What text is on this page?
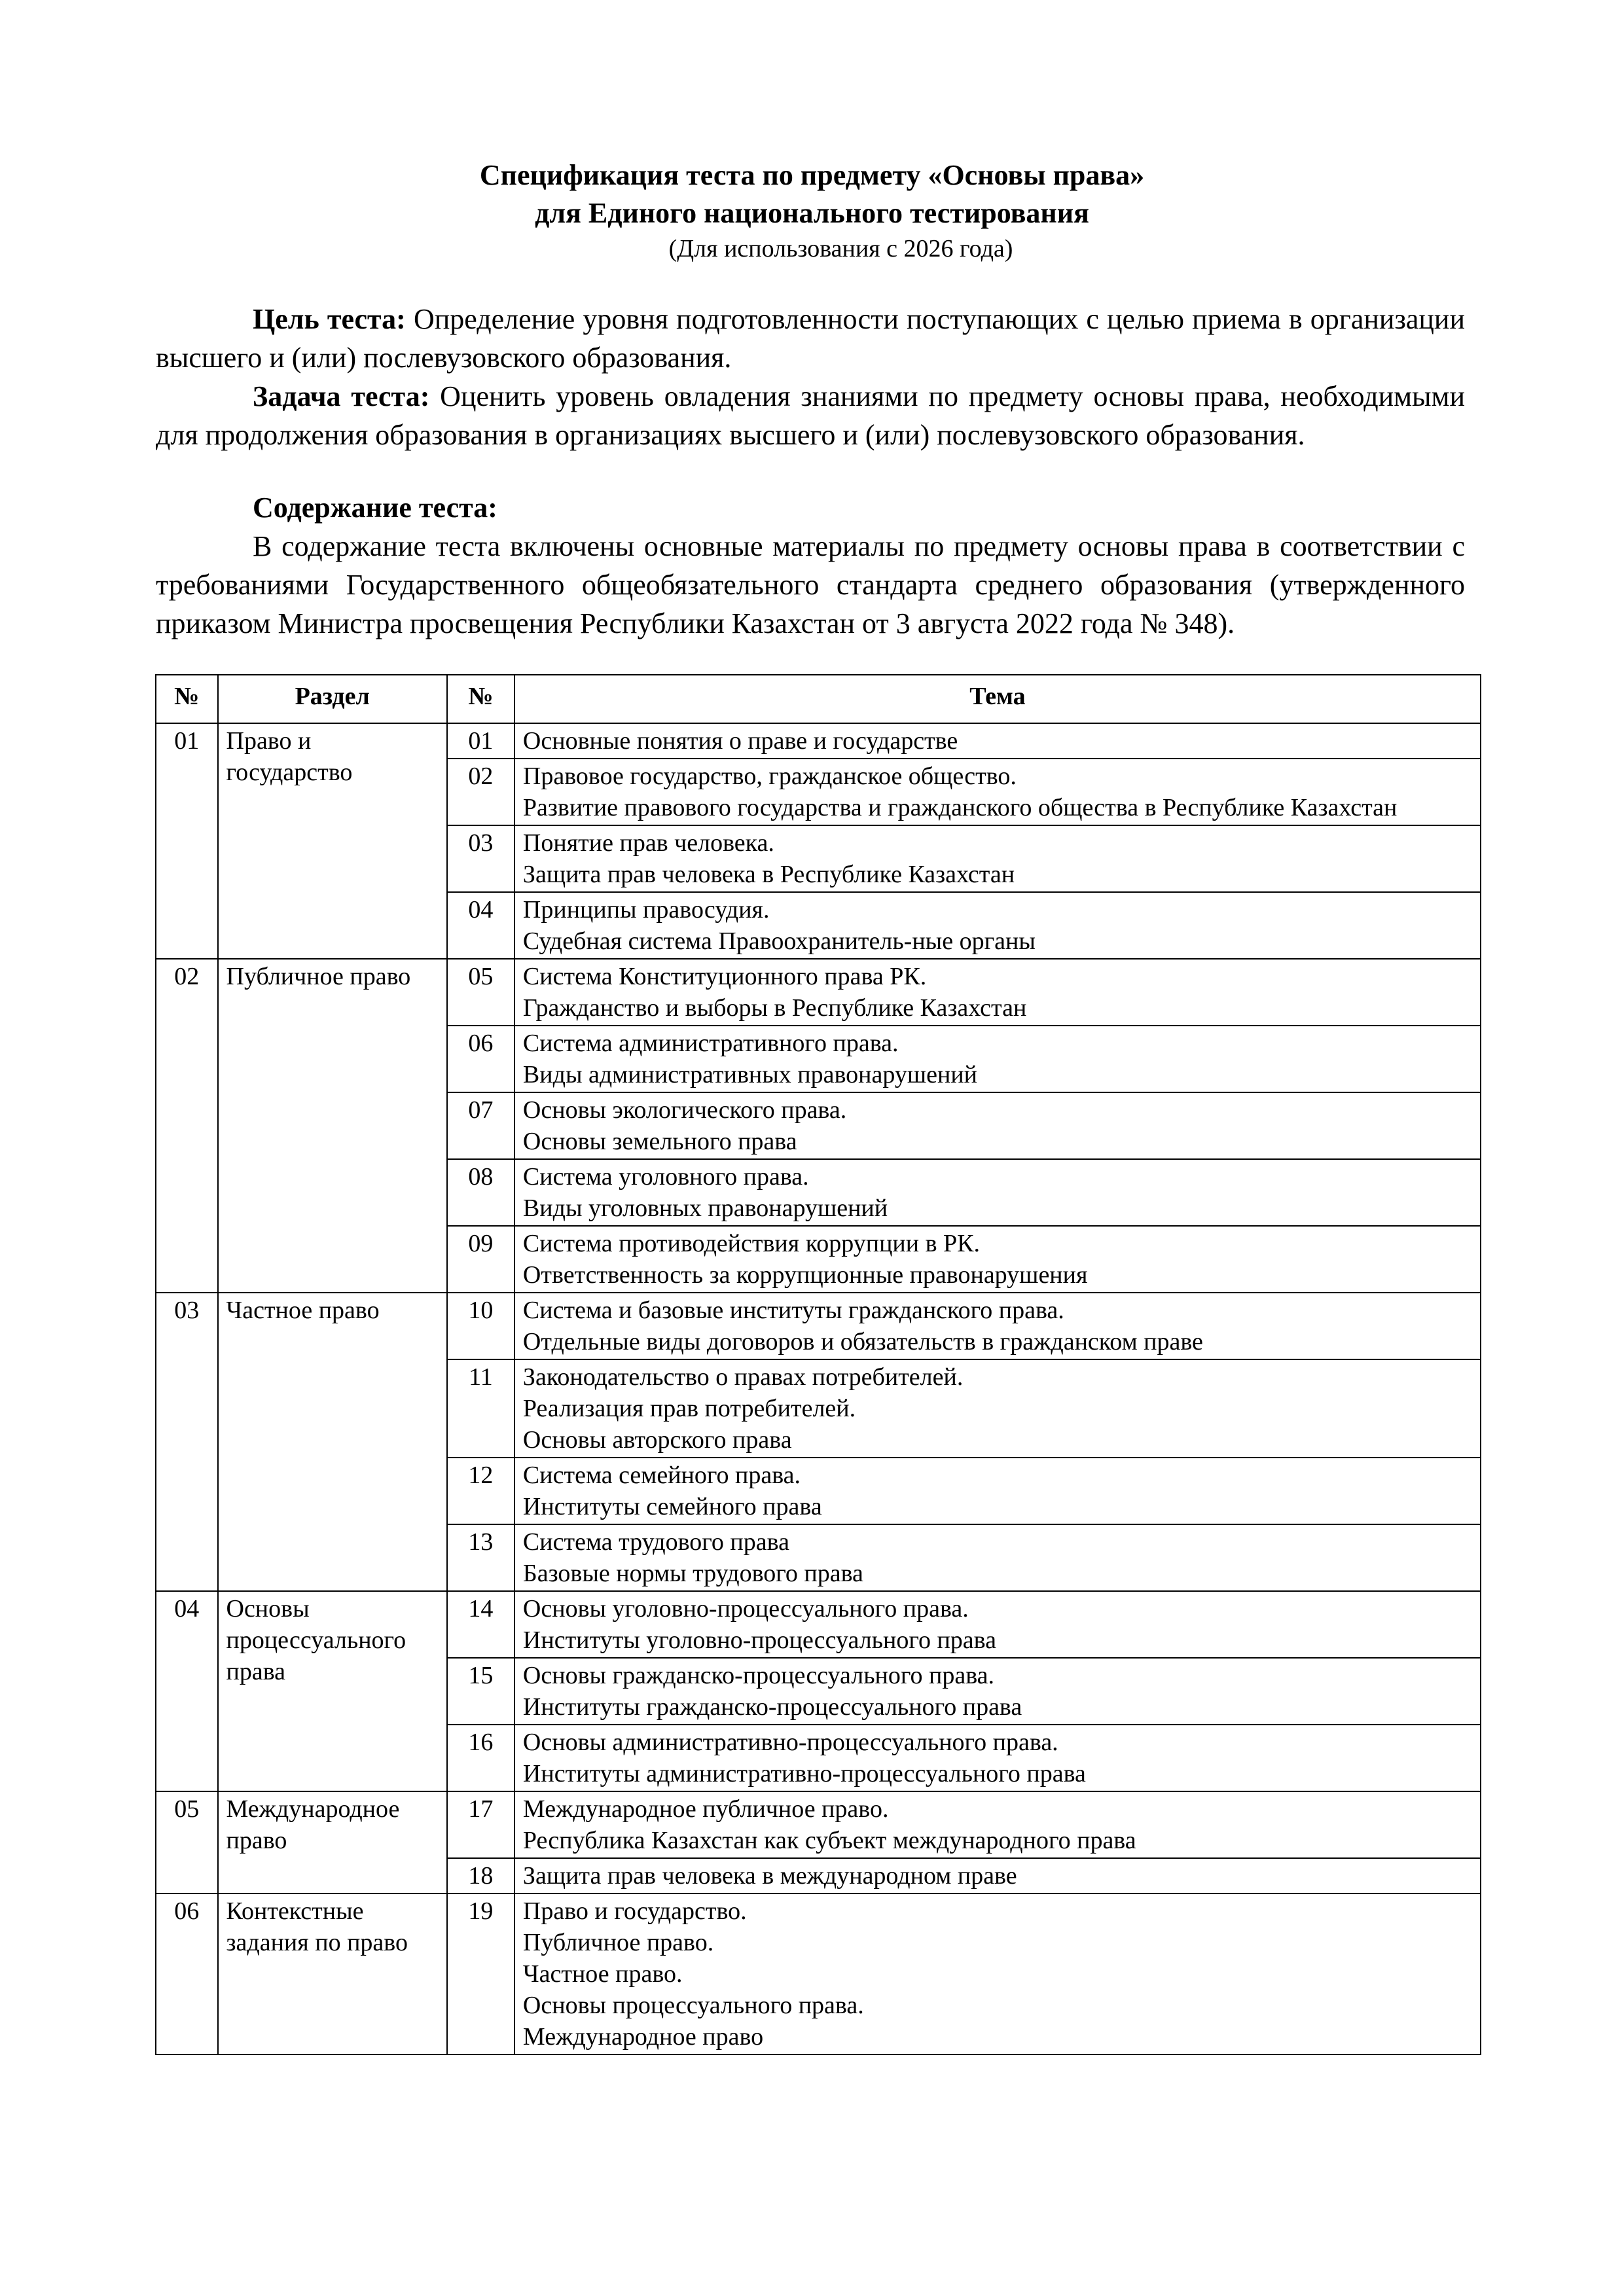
Спецификация теста по предмету «Основы права»
для Единого национального тестирования
(Для использования с 2026 года)

Цель теста: Определение уровня подготовленности поступающих с целью приема в организации высшего и (или) послевузовского образования.

Задача теста: Оценить уровень овладения знаниями по предмету основы права, необходимыми для продолжения образования в организациях высшего и (или) послевузовского образования.

Содержание теста:

В содержание теста включены основные материалы по предмету основы права в соответствии с требованиями Государственного общеобязательного стандарта среднего образования (утвержденного приказом Министра просвещения Республики Казахстан от 3 августа 2022 года № 348).

№	Раздел	№	Тема
01	Право и государство	01	Основные понятия о праве и государстве

		02	Правовое государство, гражданское общество.
Развитие правового государства и гражданского общества в Республике Казахстан

		03	Понятие прав человека.
Защита прав человека в Республике Казахстан

		04	Принципы правосудия.
Судебная система Правоохранитель-ные органы

02	Публичное право	05	Система Конституционного права РК.
Гражданство и выборы в Республике Казахстан

		06	Система административного права.
Виды административных правонарушений

		07	Основы экологического права.
Основы земельного права

		08	Система уголовного права.
Виды уголовных правонарушений

		09	Система противодействия коррупции в РК.
Ответственность за коррупционные правонарушения

03	Частное право	10	Система и базовые институты гражданского права.
Отдельные виды договоров и обязательств в гражданском праве

		11	Законодательство о правах потребителей.
Реализация прав потребителей.
Основы авторского права

		12	Система семейного права.
Институты семейного права

		13	Система трудового права
Базовые нормы трудового права

04	Основы процессуального права	14	Основы уголовно-процессуального права.
Институты уголовно-процессуального права

		15	Основы гражданско-процессуального права.
Институты гражданско-процессуального права

		16	Основы административно-процессуального права.
Институты административно-процессуального права

05	Международное право	17	Международное публичное право.
Республика Казахстан как субъект международного права

		18	Защита прав человека в международном праве

06	Контекстные задания по право	19	Право и государство.
Публичное право.
Частное право.
Основы процессуального права.
Международное право
